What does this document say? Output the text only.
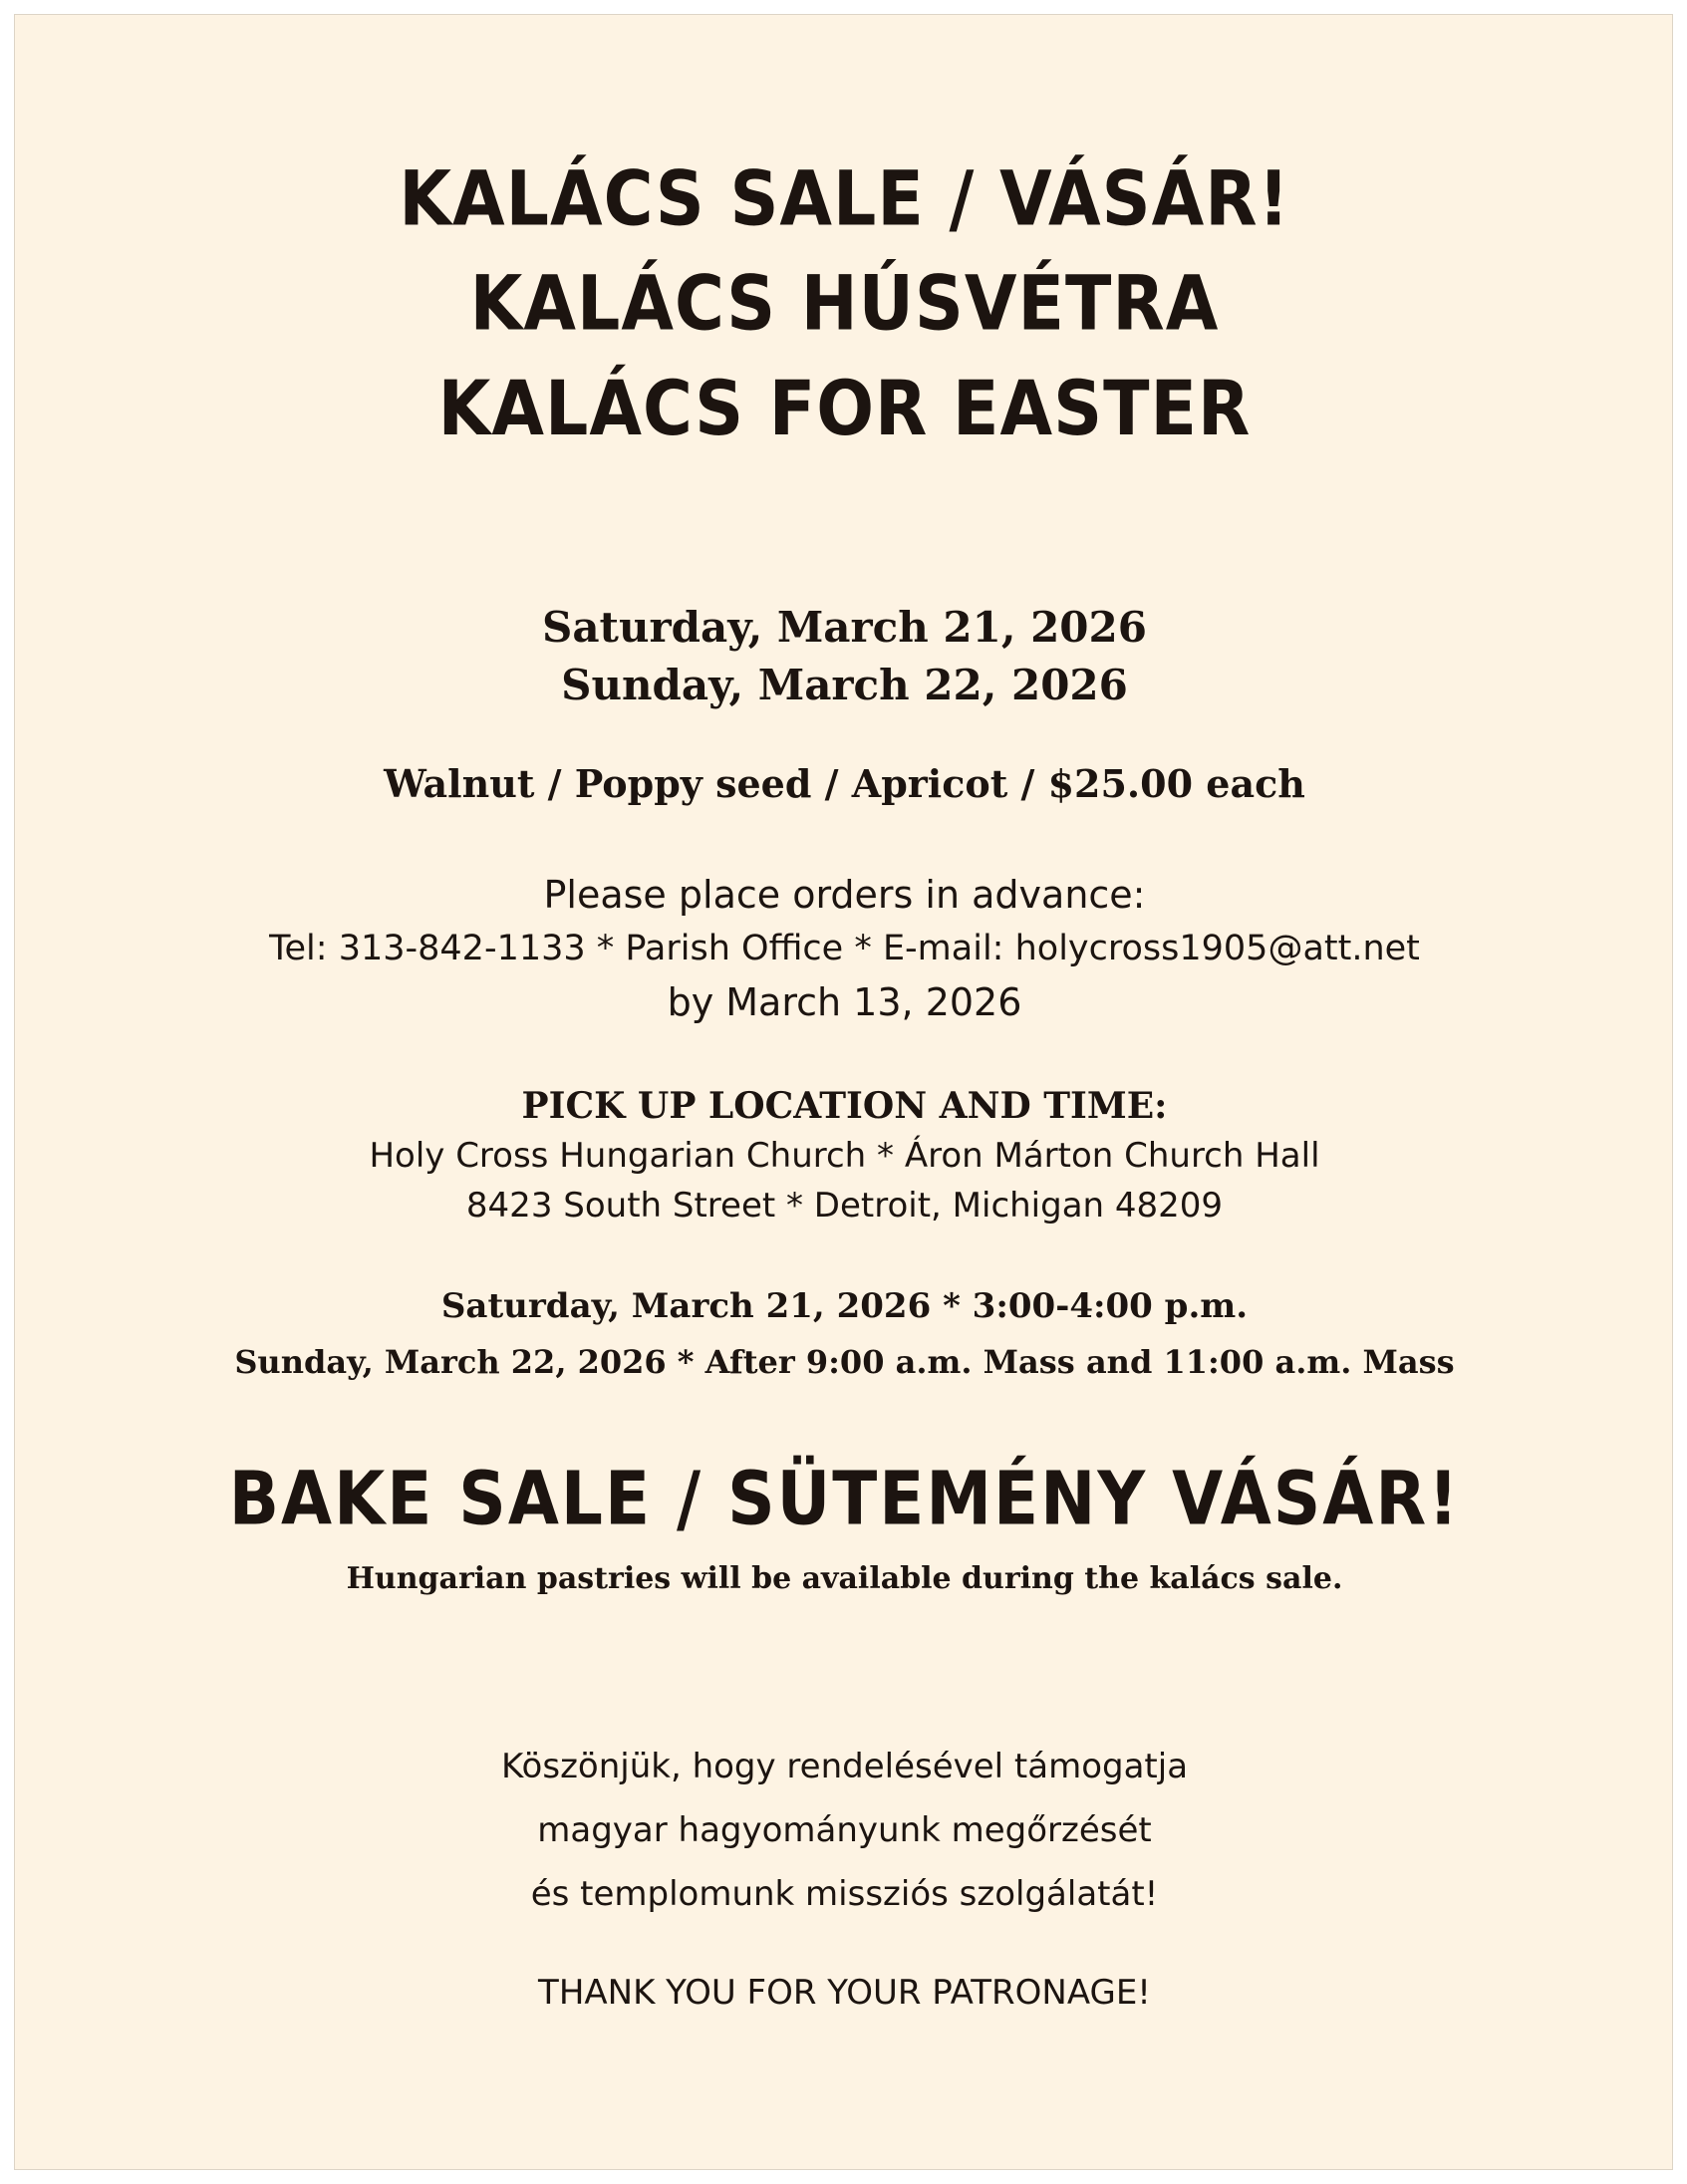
KALÁCS SALE / VÁSÁR!
KALÁCS HÚSVÉTRA
KALÁCS FOR EASTER
Saturday, March 21, 2026
Sunday, March 22, 2026
Walnut / Poppy seed / Apricot / $25.00 each
Please place orders in advance:
Tel: 313-842-1133 * Parish Office * E-mail: holycross1905@att.net
by March 13, 2026
PICK UP LOCATION AND TIME:
Holy Cross Hungarian Church * Áron Márton Church Hall
8423 South Street * Detroit, Michigan 48209
Saturday, March 21, 2026 * 3:00-4:00 p.m.
Sunday, March 22, 2026 * After 9:00 a.m. Mass and 11:00 a.m. Mass
BAKE SALE / SÜTEMÉNY VÁSÁR!
Hungarian pastries will be available during the kalács sale.
Köszönjük, hogy rendelésével támogatja
magyar hagyományunk megőrzését
és templomunk missziós szolgálatát!
THANK YOU FOR YOUR PATRONAGE!
